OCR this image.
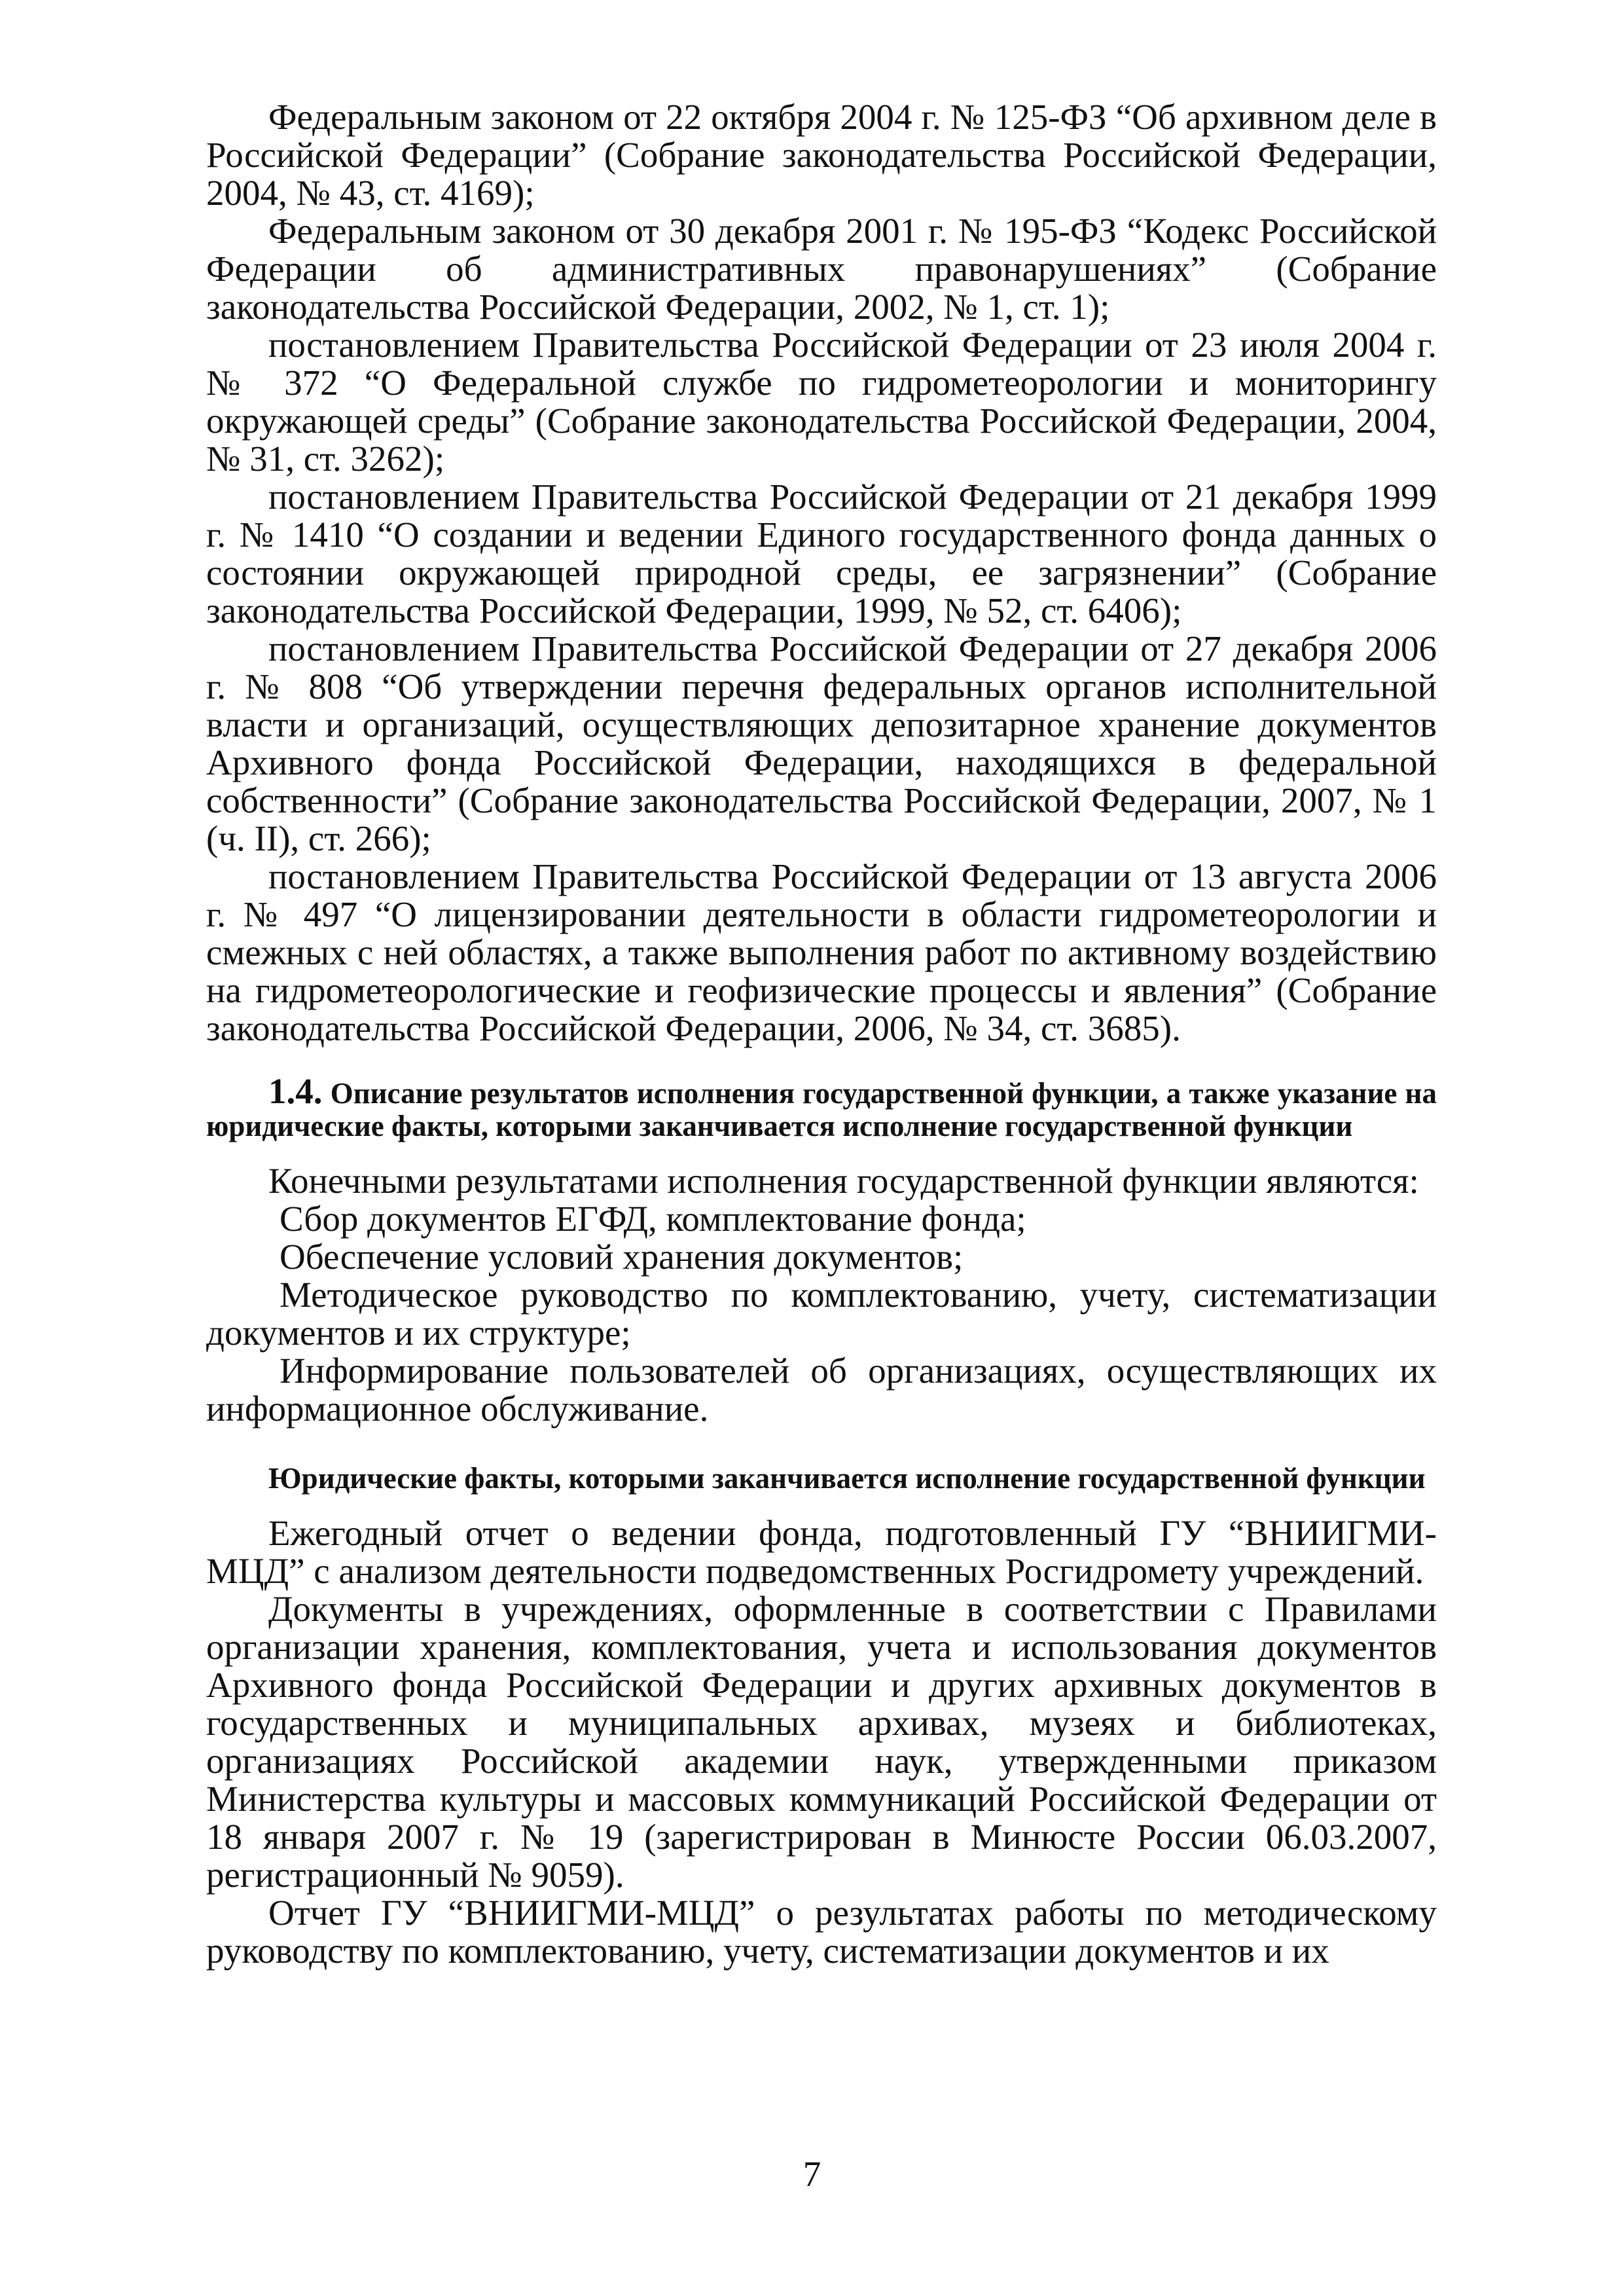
Федеральным законом от 22 октября 2004 г. № 125-ФЗ “Об архивном деле в Российской Федерации” (Собрание законодательства Российской Федерации, 2004, № 43, ст. 4169);

Федеральным законом от 30 декабря 2001 г. № 195-ФЗ “Кодекс Российской Федерации об административных правонарушениях” (Собрание законодательства Российской Федерации, 2002, № 1, ст. 1);

постановлением Правительства Российской Федерации от 23 июля 2004 г. № 372 “О Федеральной службе по гидрометеорологии и мониторингу окружающей среды” (Собрание законодательства Российской Федерации, 2004, № 31, ст. 3262);

постановлением Правительства Российской Федерации от 21 декабря 1999 г. № 1410 “О создании и ведении Единого государственного фонда данных о состоянии окружающей природной среды, ее загрязнении” (Собрание законодательства Российской Федерации, 1999, № 52, ст. 6406);

постановлением Правительства Российской Федерации от 27 декабря 2006 г. № 808 “Об утверждении перечня федеральных органов исполнительной власти и организаций, осуществляющих депозитарное хранение документов Архивного фонда Российской Федерации, находящихся в федеральной собственности” (Собрание законодательства Российской Федерации, 2007, № 1 (ч. II), ст. 266);

постановлением Правительства Российской Федерации от 13 августа 2006 г. № 497 “О лицензировании деятельности в области гидрометеорологии и смежных с ней областях, а также выполнения работ по активному воздействию на гидрометеорологические и геофизические процессы и явления” (Собрание законодательства Российской Федерации, 2006, № 34, ст. 3685).

1.4. Описание результатов исполнения государственной функции, а также указание на юридические факты, которыми заканчивается исполнение государственной функции

Конечными результатами исполнения государственной функции являются:

Сбор документов ЕГФД, комплектование фонда;

Обеспечение условий хранения документов;

Методическое руководство по комплектованию, учету, систематизации документов и их структуре;

Информирование пользователей об организациях, осуществляющих их информационное обслуживание.

Юридические факты, которыми заканчивается исполнение государственной функции

Ежегодный отчет о ведении фонда, подготовленный ГУ “ВНИИГМИ-МЦД” с анализом деятельности подведомственных Росгидромету учреждений.

Документы в учреждениях, оформленные в соответствии с Правилами организации хранения, комплектования, учета и использования документов Архивного фонда Российской Федерации и других архивных документов в государственных и муниципальных архивах, музеях и библиотеках, организациях Российской академии наук, утвержденными приказом Министерства культуры и массовых коммуникаций Российской Федерации от 18 января 2007 г. № 19 (зарегистрирован в Минюсте России 06.03.2007, регистрационный № 9059).

Отчет ГУ “ВНИИГМИ-МЦД” о результатах работы по методическому руководству по комплектованию, учету, систематизации документов и их

7
